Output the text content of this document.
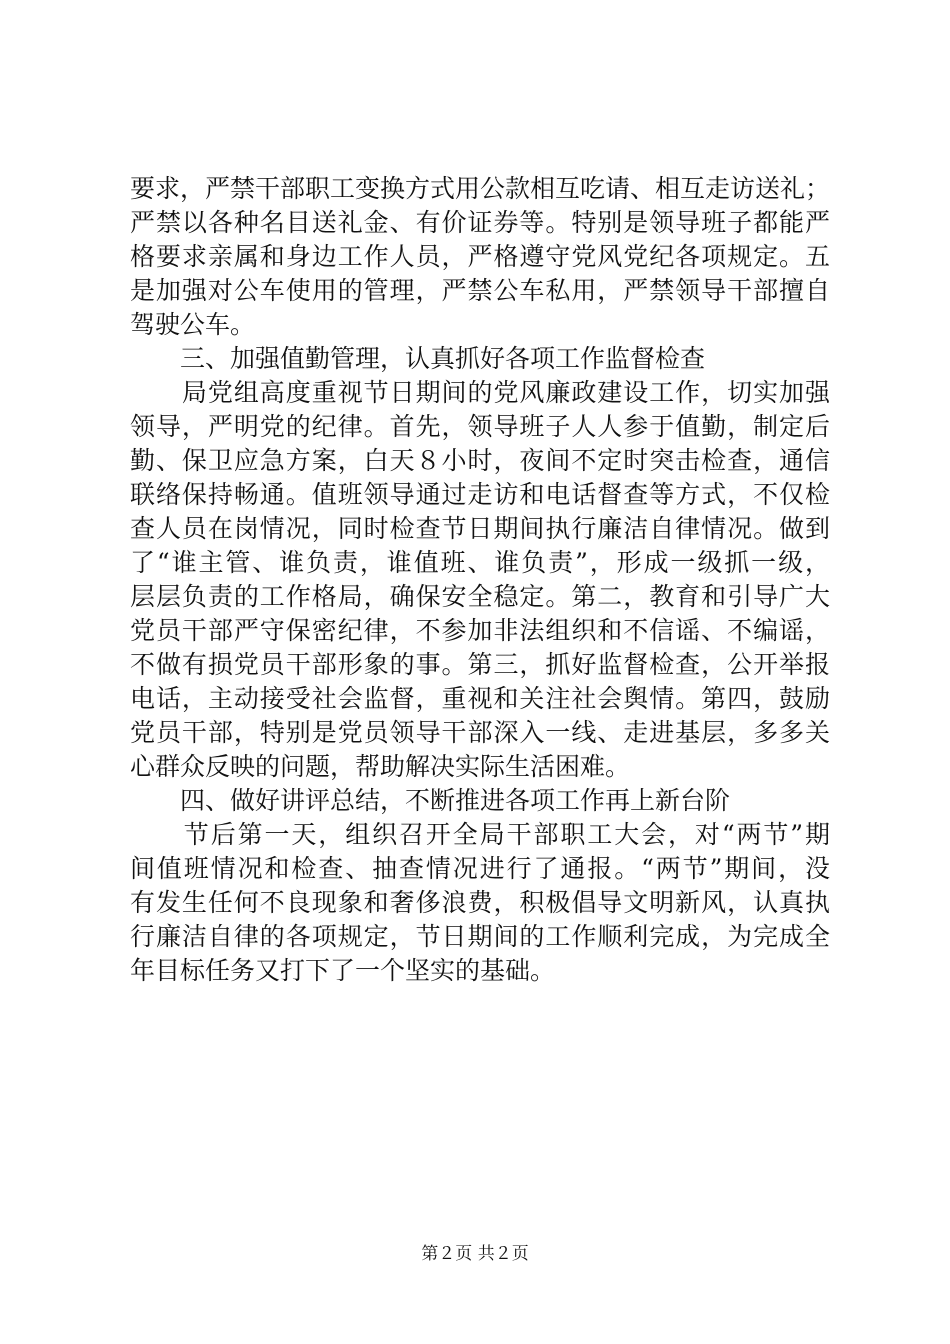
要求，严禁干部职工变换方式用公款相互吃请、相互走访送礼；
严禁以各种名目送礼金、有价证券等。特别是领导班子都能严
格要求亲属和身边工作人员，严格遵守党风党纪各项规定。五
是加强对公车使用的管理，严禁公车私用，严禁领导干部擅自
驾驶公车。
　　三、加强值勤管理，认真抓好各项工作监督检查
　　局党组高度重视节日期间的党风廉政建设工作，切实加强
领导，严明党的纪律。首先，领导班子人人参于值勤，制定后
勤、保卫应急方案，白天８小时，夜间不定时突击检查，通信
联络保持畅通。值班领导通过走访和电话督查等方式，不仅检
查人员在岗情况，同时检查节日期间执行廉洁自律情况。做到
了“谁主管、谁负责，谁值班、谁负责”，形成一级抓一级，
层层负责的工作格局，确保安全稳定。第二，教育和引导广大
党员干部严守保密纪律，不参加非法组织和不信谣、不编谣，
不做有损党员干部形象的事。第三，抓好监督检查，公开举报
电话，主动接受社会监督，重视和关注社会舆情。第四，鼓励
党员干部，特别是党员领导干部深入一线、走进基层，多多关
心群众反映的问题，帮助解决实际生活困难。
　　四、做好讲评总结，不断推进各项工作再上新台阶
　　节后第一天，组织召开全局干部职工大会，对“两节”期
间值班情况和检查、抽查情况进行了通报。“两节”期间，没
有发生任何不良现象和奢侈浪费，积极倡导文明新风，认真执
行廉洁自律的各项规定，节日期间的工作顺利完成，为完成全
年目标任务又打下了一个坚实的基础。
第２页 共２页
